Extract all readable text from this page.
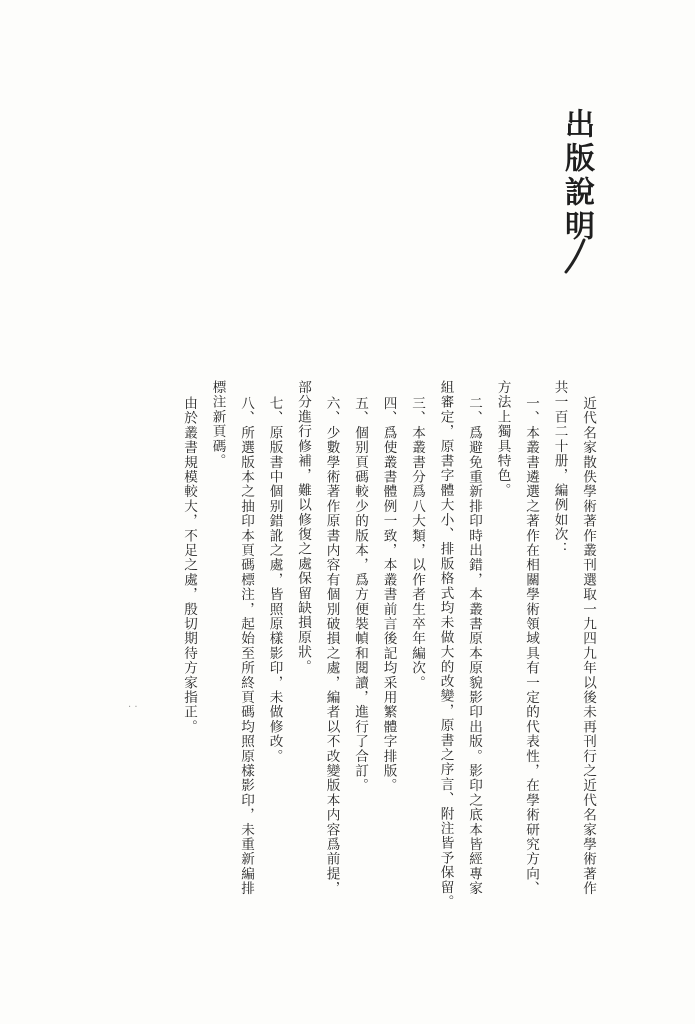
出版說明

近代名家散佚學術著作叢刊選取一九四九年以後未再刊行之近代名家學術著作共一百二十册，編例如次：

一、本叢書遴選之著作在相關學術領域具有一定的代表性，在學術研究方向、方法上獨具特色。

二、爲避免重新排印時出錯，本叢書原本原貌影印出版。影印之底本皆經專家組審定，原書字體大小、排版格式均未做大的改變，原書之序言、附注皆予保留。

三、本叢書分爲八大類，以作者生卒年編次。

四、爲使叢書體例一致，本叢書前言後記均采用繁體字排版。

五、個别頁碼較少的版本，爲方便裝幀和閱讀，進行了合訂。

六、少數學術著作原書内容有個別破損之處，編者以不改變版本内容爲前提，部分進行修補，難以修復之處保留缺損原狀。

七、原版書中個别錯訛之處，皆照原樣影印，未做修改。

八、所選版本之抽印本頁碼標注，起始至所終頁碼均照原樣影印，未重新編排標注新頁碼。

由於叢書規模較大，不足之處，殷切期待方家指正。

· ·
